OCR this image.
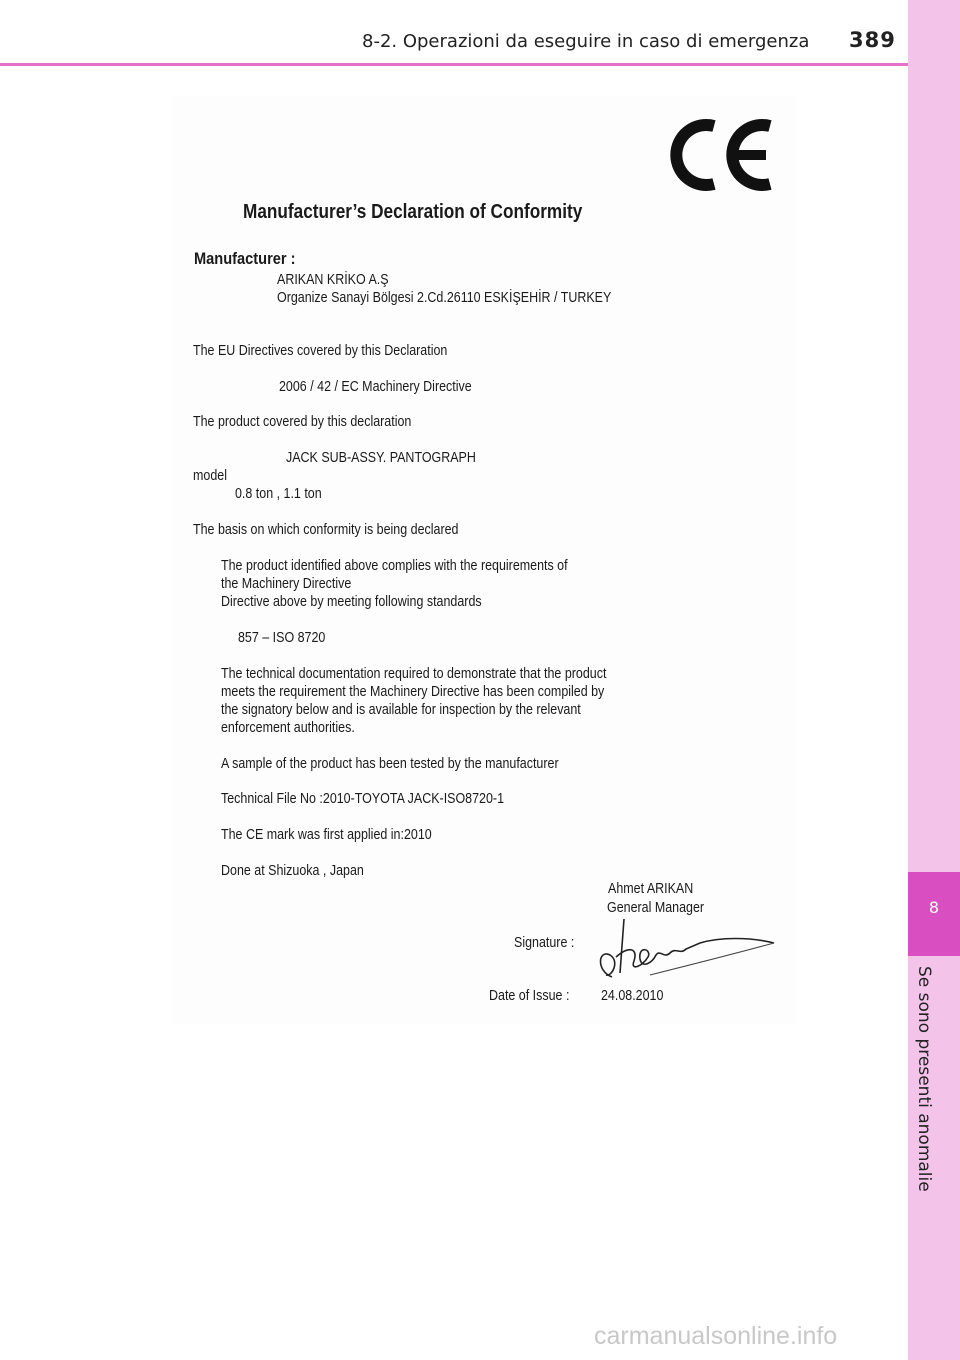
8-2. Operazioni da eseguire in caso di emergenza 389
8
Se sono presenti anomalie
Manufacturer’s Declaration of Conformity
Manufacturer :
ARIKAN KRİKO A.Ş
Organize Sanayi Bölgesi 2.Cd.26110 ESKİŞEHİR / TURKEY
The EU Directives covered by this Declaration
2006 / 42 / EC Machinery Directive
The product covered by this declaration
JACK SUB-ASSY. PANTOGRAPH
model
0.8 ton , 1.1 ton
The basis on which conformity is being declared
The product identified above complies with the requirements of
the Machinery Directive
Directive above by meeting following standards
857 – ISO 8720
The technical documentation required to demonstrate that the product
meets the requirement the Machinery Directive has been compiled by
the signatory below and is available for inspection by the relevant
enforcement authorities.
A sample of the product has been tested by the manufacturer
Technical File No :2010-TOYOTA JACK-ISO8720-1
The CE mark was first applied in:2010
Done at Shizuoka , Japan
Ahmet ARIKAN
General Manager
Signature :
Date of Issue : 24.08.2010
carmanualsonline.info
